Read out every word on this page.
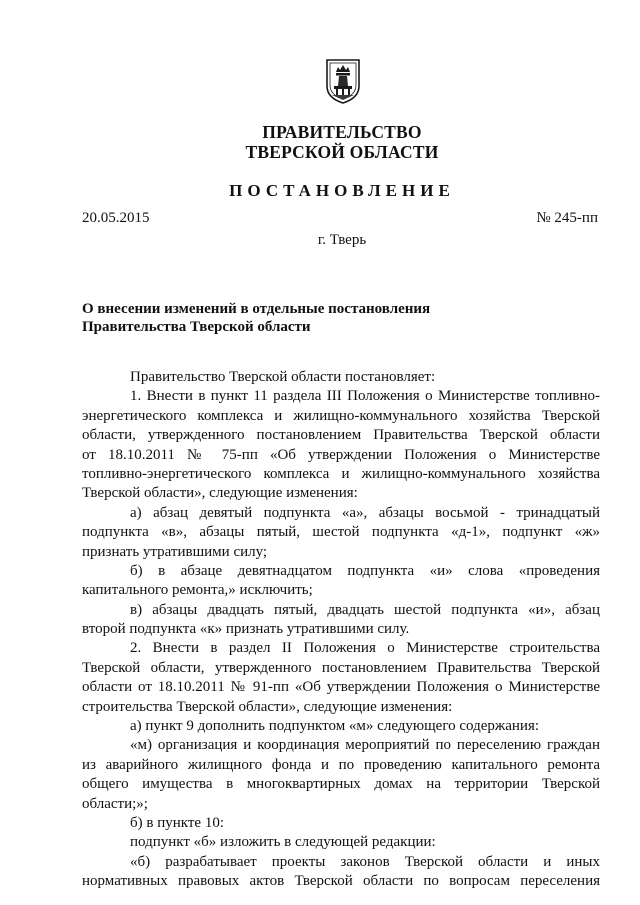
ПРАВИТЕЛЬСТВО
ТВЕРСКОЙ ОБЛАСТИ
ПОСТАНОВЛЕНИЕ
20.05.2015	№ 245-пп
г. Тверь
О внесении изменений в отдельные постановления
Правительства Тверской области
Правительство Тверской области постановляет:
1. Внести в пункт 11 раздела III Положения о Министерстве топливно-
энергетического комплекса и жилищно-коммунального хозяйства Тверской
области, утвержденного постановлением Правительства Тверской области
от 18.10.2011 № 75-пп «Об утверждении Положения о Министерстве
топливно-энергетического комплекса и жилищно-коммунального хозяйства
Тверской области», следующие изменения:
а) абзац девятый подпункта «а», абзацы восьмой - тринадцатый
подпункта «в», абзацы пятый, шестой подпункта «д-1», подпункт «ж»
признать утратившими силу;
б) в абзаце девятнадцатом подпункта «и» слова «проведения
капитального ремонта,» исключить;
в) абзацы двадцать пятый, двадцать шестой подпункта «и», абзац
второй подпункта «к» признать утратившими силу.
2. Внести в раздел II Положения о Министерстве строительства
Тверской области, утвержденного постановлением Правительства Тверской
области от 18.10.2011 № 91-пп «Об утверждении Положения о Министерстве
строительства Тверской области», следующие изменения:
а) пункт 9 дополнить подпунктом «м» следующего содержания:
«м) организация и координация мероприятий по переселению граждан
из аварийного жилищного фонда и по проведению капитального ремонта
общего имущества в многоквартирных домах на территории Тверской
области;»;
б) в пункте 10:
подпункт «б» изложить в следующей редакции:
«б) разрабатывает проекты законов Тверской области и иных
нормативных правовых актов Тверской области по вопросам переселения
